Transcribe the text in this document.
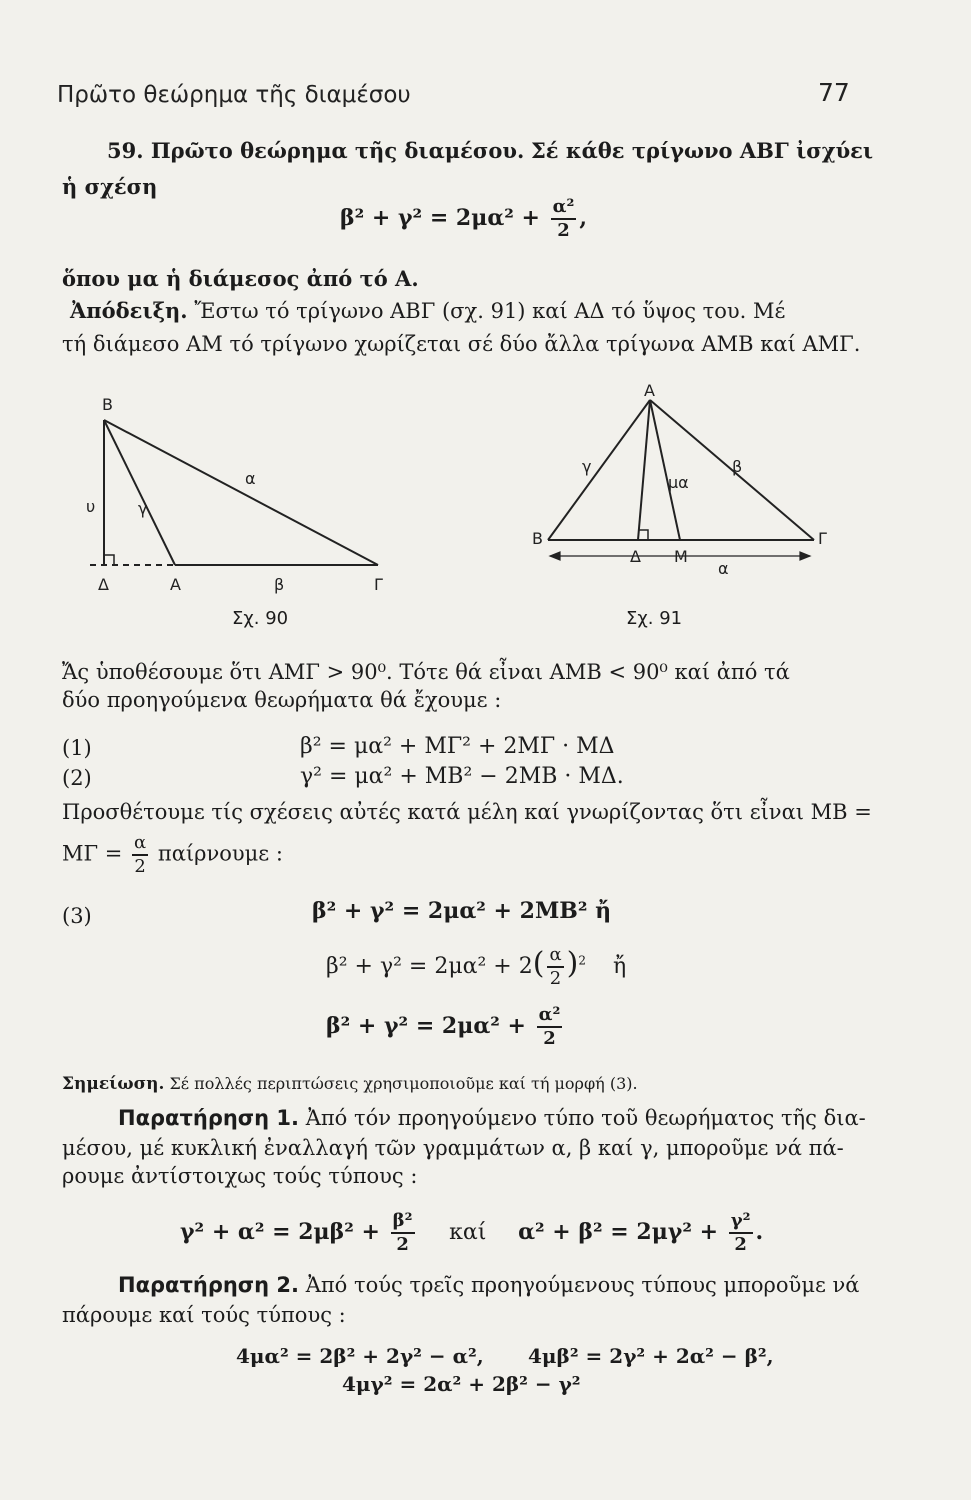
Πρῶτο θεώρημα τῆς διαμέσου	77
59. Πρῶτο θεώρημα τῆς διαμέσου. Σέ κάθε τρίγωνο ΑΒΓ ἰσχύει
ἡ σχέση
$\beta^2 + \gamma^2 = 2\mu\alpha^2 + \frac{\text{α²}}{2}$ ,
ὅπου μα ἡ διάμεσος ἀπό τό Α.
Ἀπόδειξη. Ἔστω τό τρίγωνο ΑΒΓ (σχ. 91) καί ΑΔ τό ὕψος του. Μέ
τή διάμεσο ΑΜ τό τρίγωνο χωρίζεται σέ δύο ἄλλα τρίγωνα ΑΜΒ καί ΑΜΓ.
Β
α
υ	γ
Δ	Α	β	Γ
Α
γ	β
μα
Β
Δ Μ
Γ
α
Σχ. 90	Σχ. 91
Ἄς ὑποθέσουμε ὅτι ΑΜΓ > 90⁰. Τότε θά εἶναι ΑΜΒ < 90⁰ καί ἀπό τά
δύο προηγούμενα θεωρήματα θά ἔχουμε :
(1)	β² = μα² + ΜΓ² + 2ΜΓ · ΜΔ
(2)	γ² = μα² + ΜΒ² − 2ΜΒ · ΜΔ.
Προσθέτουμε τίς σχέσεις αὐτές κατά μέλη καί γνωρίζοντας ὅτι εἶναι ΜΒ =
$M\Gamma = \frac{\alpha}{2}$ παίρνουμε :
(3)	β² + γ² = 2μα² + 2ΜΒ² ἤ
$\beta^2 + \gamma^2 = 2\mu\alpha^2 + 2( \frac{\alpha}{2} )^2$ ἤ
$\beta^2 + \gamma^2 = 2\mu\alpha^2 + \frac{\text{α²}}{2}$
Σημείωση. Σέ πολλές περιπτώσεις χρησιμοποιοῦμε καί τή μορφή (3).
Παρατήρηση 1. Ἀπό τόν προηγούμενο τύπο τοῦ θεωρήματος τῆς δια-
μέσου, μέ κυκλική ἐναλλαγή τῶν γραμμάτων α, β καί γ, μποροῦμε νά πά-
ρουμε ἀντίστοιχως τούς τύπους :
$\gamma^2 + \alpha^2 = 2\mu\beta^2 + \frac{\text{β²}}{2}$ καί $\alpha^2 + \beta^2 = 2\mu\gamma^2 + \frac{\text{γ²}}{2}$ .
Παρατήρηση 2. Ἀπό τούς τρεῖς προηγούμενους τύπους μποροῦμε νά
πάρουμε καί τούς τύπους :
4μα² = 2β² + 2γ² − α², 4μβ² = 2γ² + 2α² − β²,
4μγ² = 2α² + 2β² − γ²
